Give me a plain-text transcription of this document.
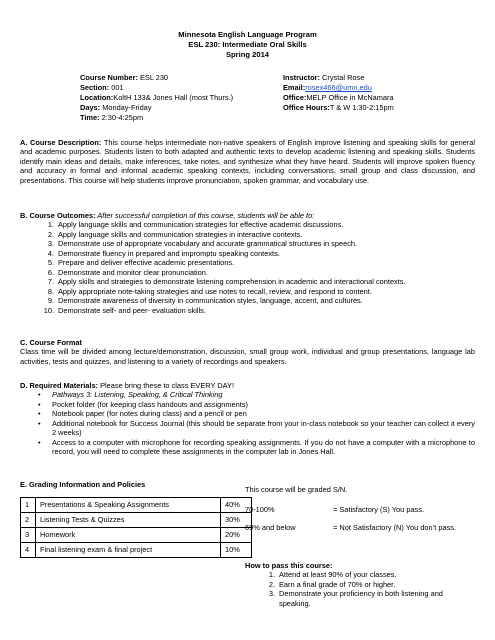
Minnesota English Language Program
ESL 230: Intermediate Oral Skills
Spring 2014
Course Number: ESL 230
Section: 001
Location:KoltH 133& Jones Hall (most Thurs.)
Days: Monday-Friday
Time: 2:30-4:25pm
Instructor: Crystal Rose
Email:rosex466@umn.edu
Office:MELP Office in McNamara
Office Hours:T & W 1:30-2:15pm
A. Course Description: This course helps intermediate non-native speakers of English improve listening and speaking skills for general and academic purposes. Students listen to both adapted and authentic texts to develop academic listening and speaking skills. Students identify main ideas and details, make inferences, take notes, and synthesize what they have heard. Students will improve spoken fluency and accuracy in formal and informal academic speaking contexts, including conversations, small group and class discussion, and presentations. This course will help students improve pronunciation, spoken grammar, and vocabulary use.
B. Course Outcomes: After successful completion of this course, students will be able to:
1. Apply language skills and communication strategies for effective academic discussions.
2. Apply language skills and communication strategies in interactive contexts.
3. Demonstrate use of appropriate vocabulary and accurate grammatical structures in speech.
4. Demonstrate fluency in prepared and impromptu speaking contexts.
5. Prepare and deliver effective academic presentations.
6. Demonstrate and monitor clear pronunciation.
7. Apply skills and strategies to demonstrate listening comprehension in academic and interactional contexts.
8. Apply appropriate note-taking strategies and use notes to recall, review, and respond to content.
9. Demonstrate awareness of diversity in communication styles, language, accent, and cultures.
10. Demonstrate self- and peer- evaluation skills.
C. Course Format
Class time will be divided among lecture/demonstration, discussion, small group work, individual and group presentations, language lab activities, tests and quizzes, and listening to a variety of recordings and speakers.
D. Required Materials: Please bring these to class EVERY DAY!
• Pathways 3: Listening, Speaking, & Critical Thinking
• Pocket folder (for keeping class handouts and assignments)
• Notebook paper (for notes during class) and a pencil or pen
• Additional notebook for Success Journal (this should be separate from your in-class notebook so your teacher can collect it every 2 weeks)
• Access to a computer with microphone for recording speaking assignments. If you do not have a computer with a microphone to record, you will need to complete these assignments in the computer lab in Jones Hall.
E. Grading Information and Policies
1	Presentations & Speaking Assignments	40%
2	Listening Tests & Quizzes	30%
3	Homework	20%
4	Final listening exam & final project	10%
This course will be graded S/N.
70-100%	= Satisfactory (S) You pass.
69% and below	= Not Satisfactory (N) You don’t pass.
How to pass this course:
1. Attend at least 90% of your classes.
2. Earn a final grade of 70% or higher.
3. Demonstrate your proficiency in both listening and speaking.
